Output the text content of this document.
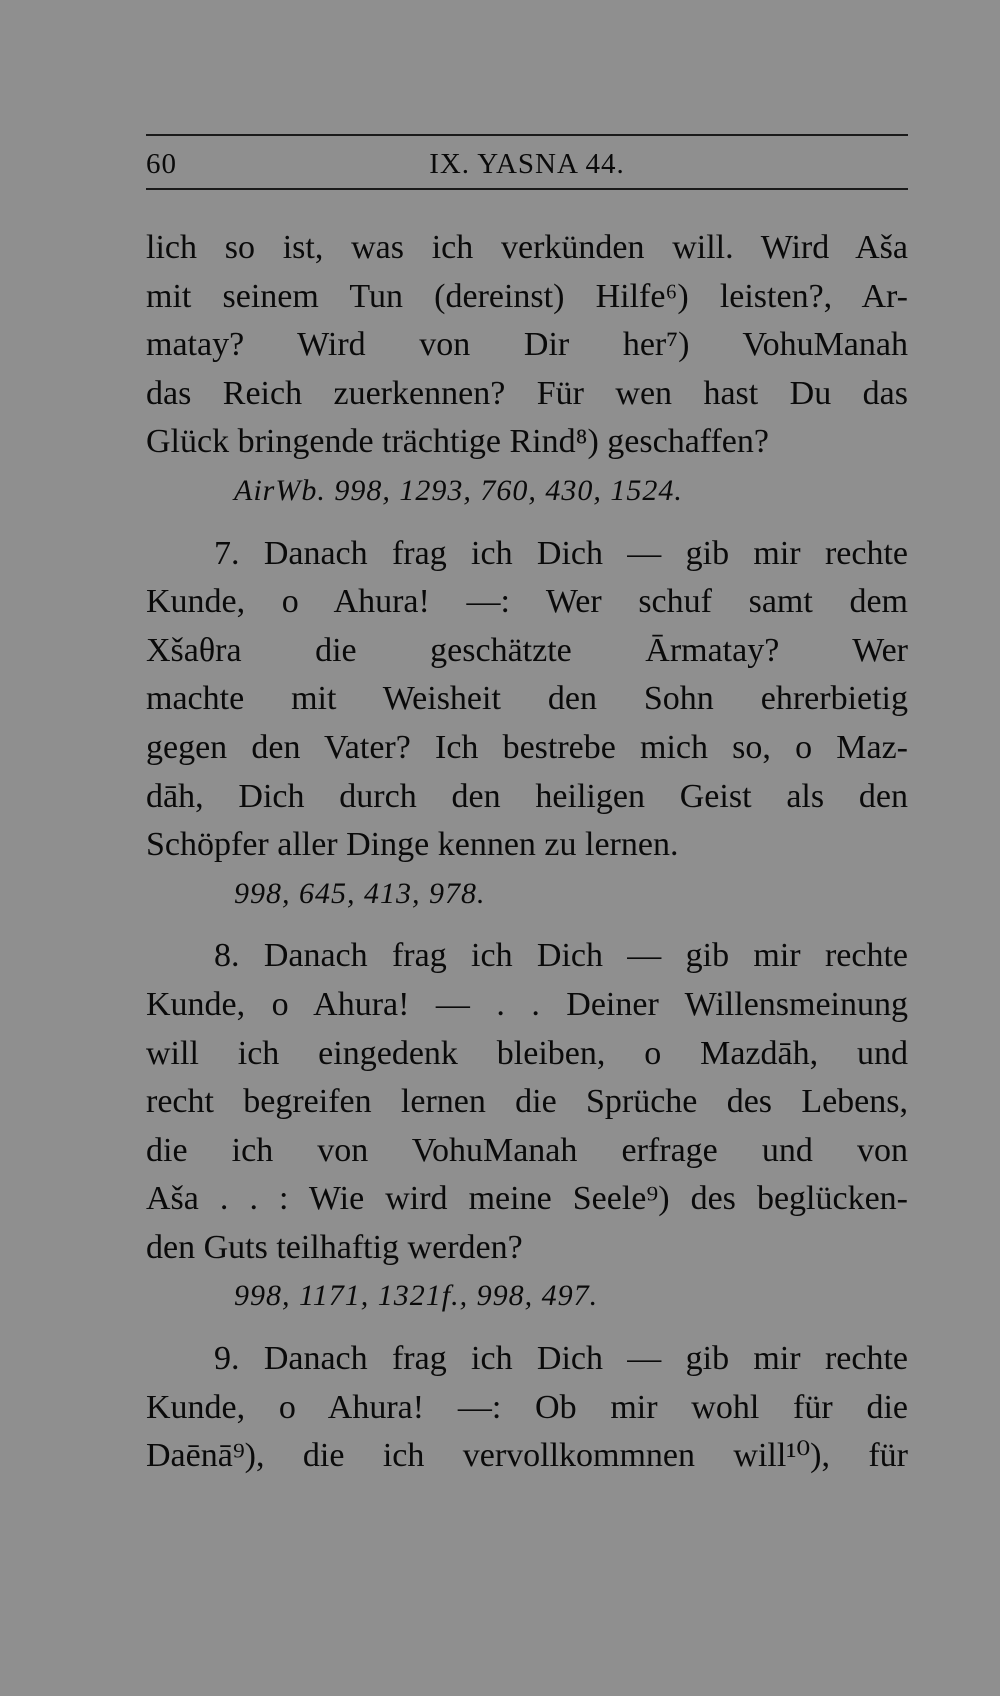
60	IX. YASNA 44.
lich so ist, was ich verkünden will. Wird Aša
mit seinem Tun (dereinst) Hilfe⁶) leisten?, Ar-
matay? Wird von Dir her⁷) VohuManah
das Reich zuerkennen? Für wen hast Du das
Glück bringende trächtige Rind⁸) geschaffen?
AirWb. 998, 1293, 760, 430, 1524.
7. Danach frag ich Dich — gib mir rechte
Kunde, o Ahura! —: Wer schuf samt dem
Xšaθra die geschätzte Ārmatay? Wer
machte mit Weisheit den Sohn ehrerbietig
gegen den Vater? Ich bestrebe mich so, o Maz-
dāh, Dich durch den heiligen Geist als den
Schöpfer aller Dinge kennen zu lernen.
998, 645, 413, 978.
8. Danach frag ich Dich — gib mir rechte
Kunde, o Ahura! — . . Deiner Willensmeinung
will ich eingedenk bleiben, o Mazdāh, und
recht begreifen lernen die Sprüche des Lebens,
die ich von VohuManah erfrage und von
Aša . . : Wie wird meine Seele⁹) des beglücken-
den Guts teilhaftig werden?
998, 1171, 1321f., 998, 497.
9. Danach frag ich Dich — gib mir rechte
Kunde, o Ahura! —: Ob mir wohl für die
Daēnā⁹), die ich vervollkommnen will¹⁰), für
